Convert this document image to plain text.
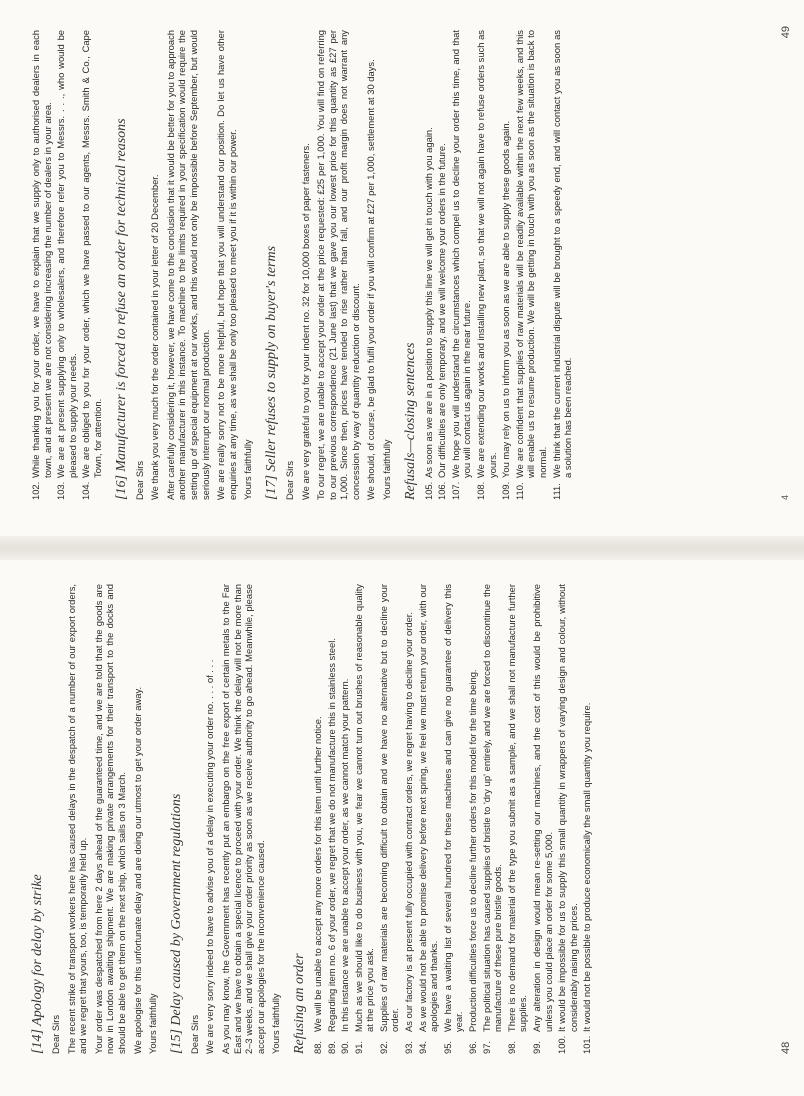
[14] Apology for delay by strike Dear Sirs The recent strike of transport workers here has caused delays in the despatch of a number of our export orders, and we regret that yours, too, is temporarily held up. Your order was despatched from here 2 days ahead of the guaranteed time, and we are told that the goods are now in London awaiting shipment. We are making private arrangements for their transport to the docks and should be able to get them on the next ship, which sails on 3 March. We apologise for this unfortunate delay and are doing our utmost to get your order away. Yours faithfully [15] Delay caused by Government regulations Dear Sirs We are very sorry indeed to have to advise you of a delay in executing your order no. . . . of . . . As you may know, the Government has recently put an embargo on the free export of certain metals to the Far East and we have to obtain a special licence to proceed with your order. We think the delay will not be more than 2–3 weeks, and we shall give your order priority as soon as we receive authority to go ahead. Meanwhile, please accept our apologies for the inconvenience caused. Yours faithfully Refusing an order 88.
We will be unable to accept any more orders for this item until further notice.
89.
Regarding item no. 6 of your order, we regret that we do not manufacture this in stainless steel.
90.
In this instance we are unable to accept your order, as we cannot match your pattern.
91.
Much as we should like to do business with you, we fear we cannot turn out brushes of reasonable quality at the price you ask.
92.
Supplies of raw materials are becoming difficult to obtain and we have no alternative but to decline your order.
93.
As our factory is at present fully occupied with contract orders, we regret having to decline your order.
94.
As we would not be able to promise delivery before next spring, we feel we must return your order, with our apologies and thanks.
95.
We have a waiting list of several hundred for these machines and can give no guarantee of delivery this year.
96.
Production difficulties force us to decline further orders for this model for the time being.
97.
The political situation has caused supplies of bristle to 'dry up' entirely, and we are forced to discontinue the manufacture of these pure bristle goods.
98.
There is no demand for material of the type you submit as a sample, and we shall not manufacture further supplies.
99.
Any alteration in design would mean re-setting our machines, and the cost of this would be prohibitive unless you could place an order for some 5,000.
100.
It would be impossible for us to supply this small quantity in wrappers of varying design and colour, without considerably raising the prices.
101.
It would not be possible to produce economically the small quantity you require.
48
102.
While thanking you for your order, we have to explain that we supply only to authorised dealers in each town, and at present we are not considering increasing the number of dealers in your area.
103.
We are at present supplying only to wholesalers, and therefore refer you to Messrs. . . ., who would be pleased to supply your needs.
104.
We are obliged to you for your order, which we have passed to our agents, Messrs. Smith & Co., Cape Town, for attention. [16] Manufacturer is forced to refuse an order for technical reasons Dear Sirs We thank you very much for the order contained in your letter of 20 December. After carefully considering it, however, we have come to the conclusion that it would be better for you to approach another manufacturer in this instance. To machine to the limits required in your specification would require the setting up of special equipment at our works, and this would not only be impossible before September, but would seriously interrupt our normal production. We are really sorry not to be more helpful, but hope that you will understand our position. Do let us have other enquiries at any time, as we shall be only too pleased to meet you if it is within our power. Yours faithfully [17] Seller refuses to supply on buyer's terms Dear Sirs We are very grateful to you for your indent no. 32 for 10,000 boxes of paper fasteners. To our regret, we are unable to accept your order at the price requested: £25 per 1,000. You will find on referring to our previous correspondence (21 June last) that we gave you our lowest price for this quantity as £27 per 1,000. Since then, prices have tended to rise rather than fall, and our profit margin does not warrant any concession by way of quantity reduction or discount. We should, of course, be glad to fulfil your order if you will confirm at £27 per 1,000, settlement at 30 days. Yours faithfully Refusals—closing sentences 105.
As soon as we are in a position to supply this line we will get in touch with you again.
106.
Our difficulties are only temporary, and we will welcome your orders in the future.
107.
We hope you will understand the circumstances which compel us to decline your order this time, and that you will contact us again in the near future.
108.
We are extending our works and installing new plant, so that we will not again have to refuse orders such as yours.
109.
You may rely on us to inform you as soon as we are able to supply these goods again.
110.
We are confident that supplies of raw materials will be readily available within the next few weeks, and this will enable us to resume production. We will be getting in touch with you as soon as the situation is back to normal.
111.
We think that the current industrial dispute will be brought to a speedy end, and will contact you as soon as a solution has been reached.
4
49
